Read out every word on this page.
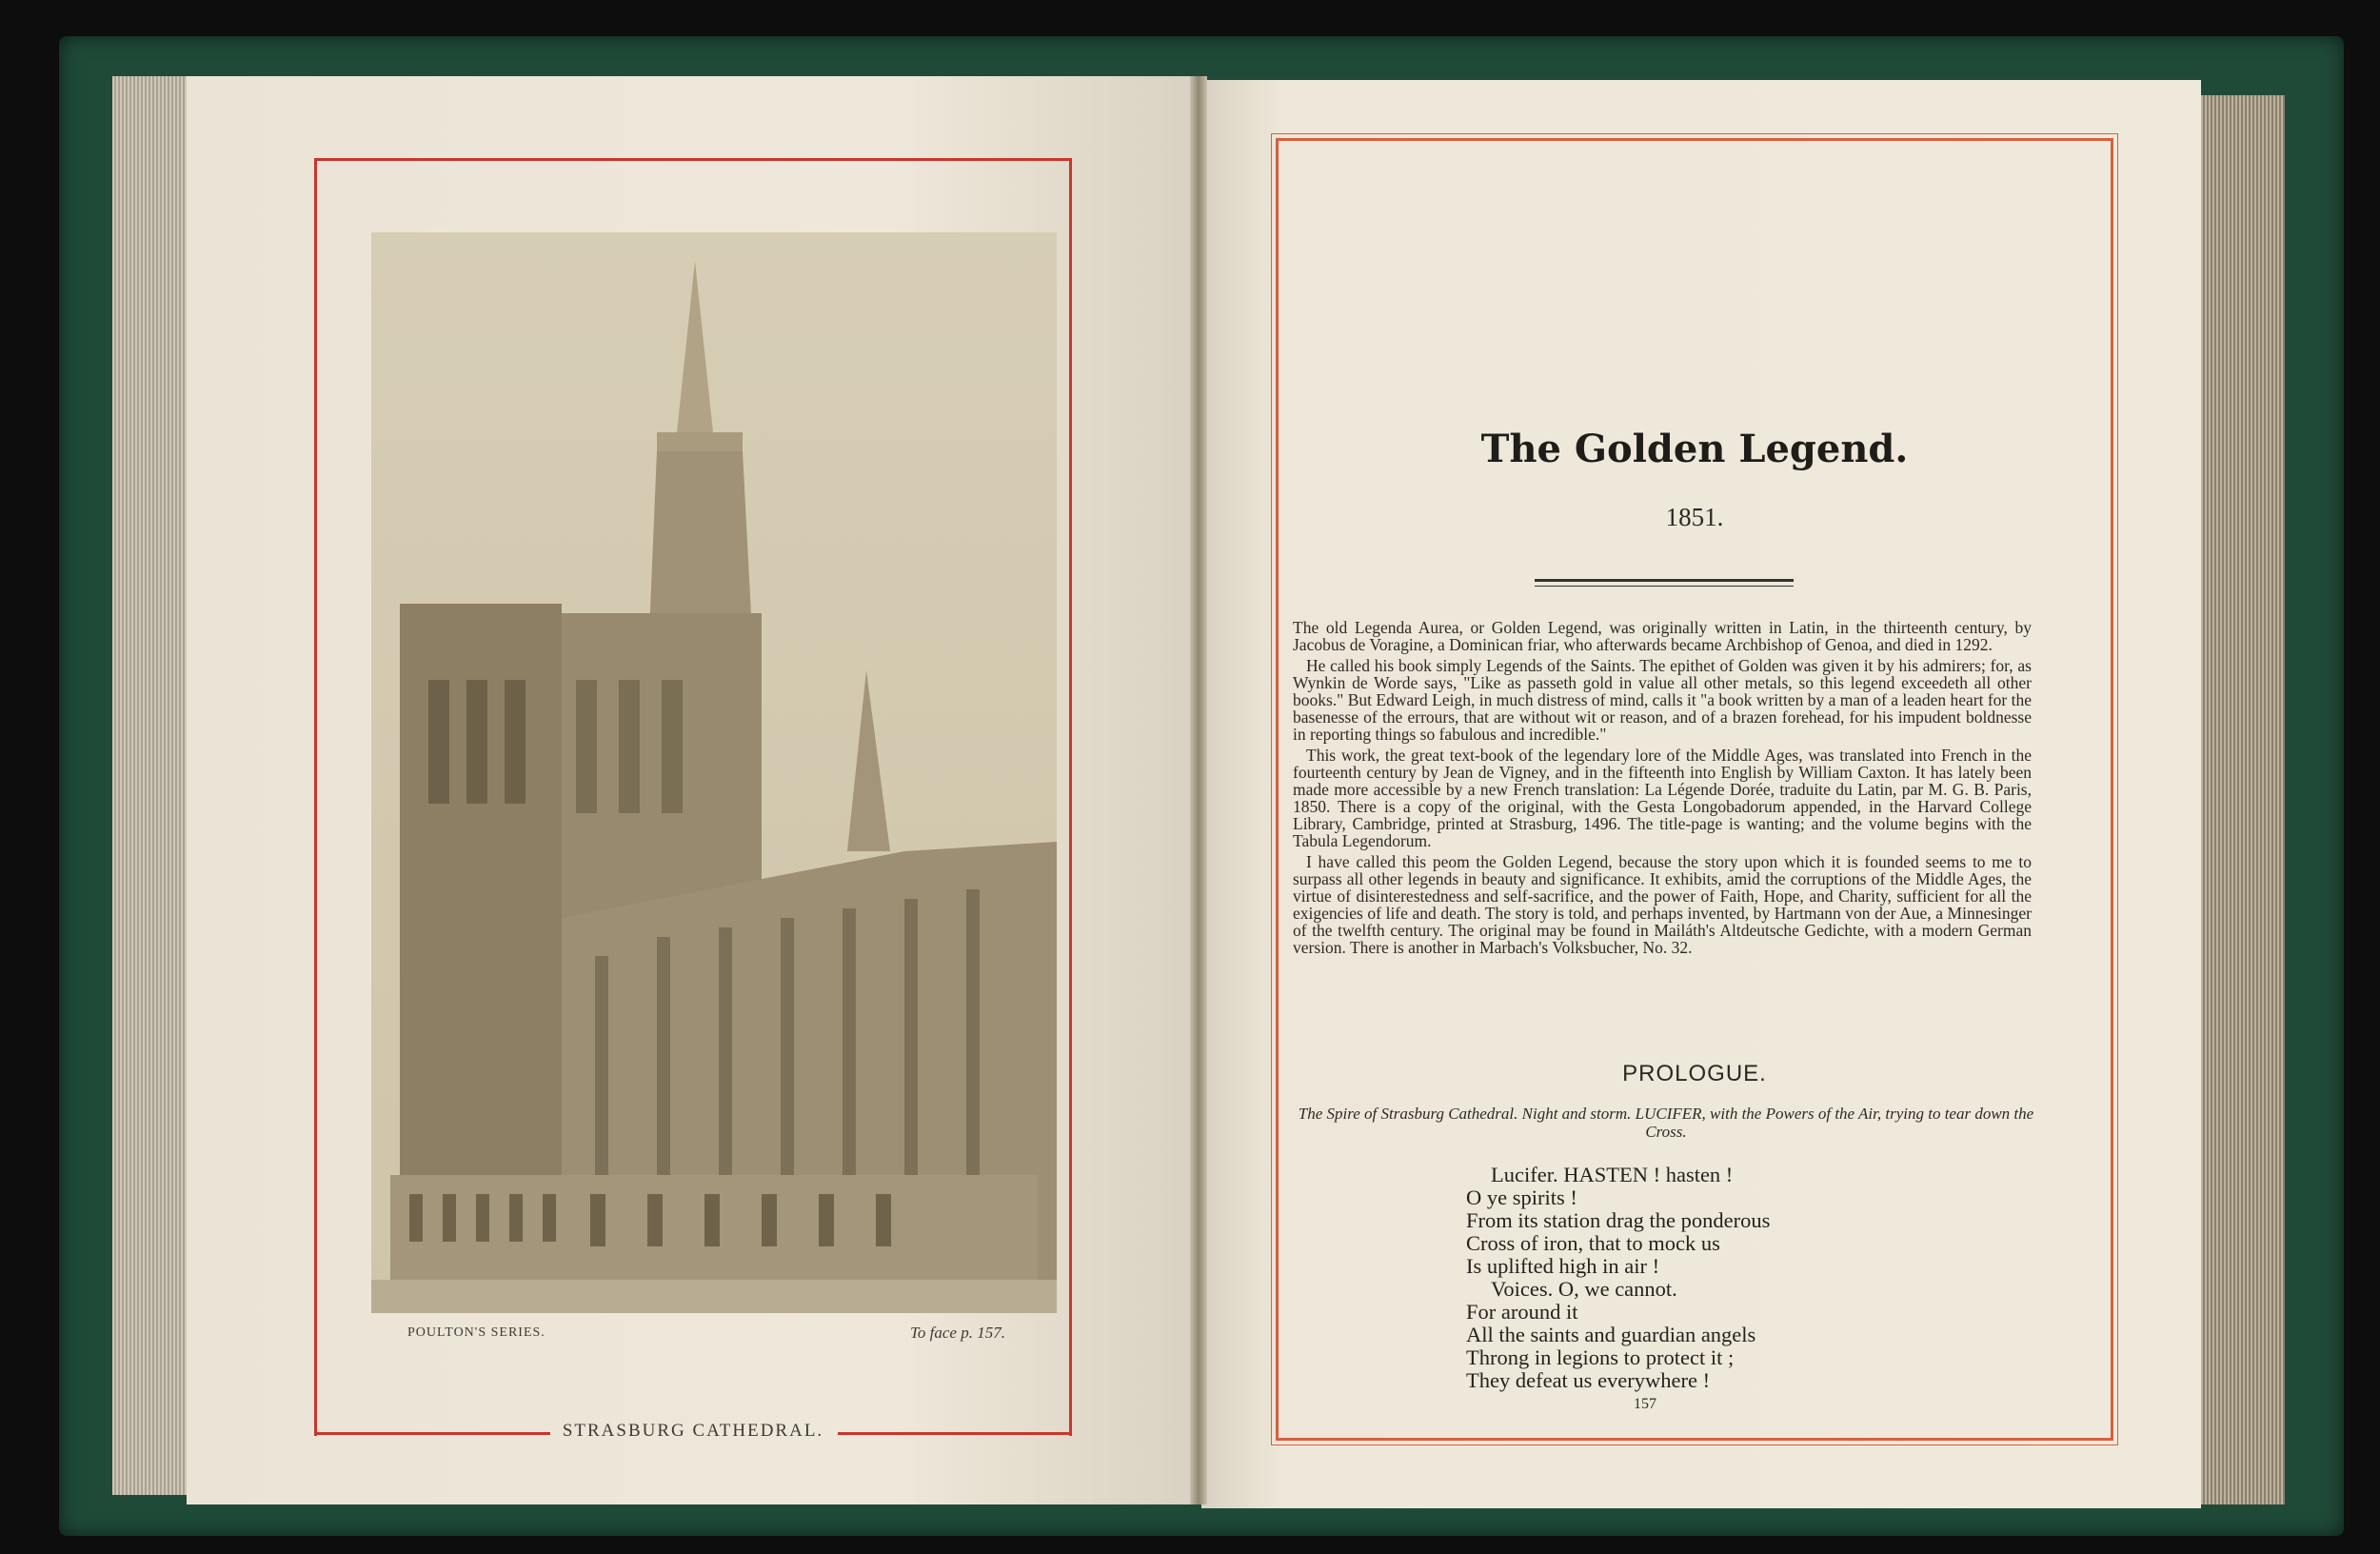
STRASBURG CATHEDRAL.
POULTON'S SERIES.	To face p. 157.
The Golden Legend.
1851.

The old Legenda Aurea, or Golden Legend, was originally written in Latin, in the thirteenth century, by Jacobus de Voragine, a Dominican friar, who afterwards became Archbishop of Genoa, and died in 1292.

He called his book simply Legends of the Saints. The epithet of Golden was given it by his admirers; for, as Wynkin de Worde says, "Like as passeth gold in value all other metals, so this legend exceedeth all other books." But Edward Leigh, in much distress of mind, calls it "a book written by a man of a leaden heart for the basenesse of the errours, that are without wit or reason, and of a brazen forehead, for his impudent boldnesse in reporting things so fabulous and incredible."

This work, the great text-book of the legendary lore of the Middle Ages, was translated into French in the fourteenth century by Jean de Vigney, and in the fifteenth into English by William Caxton. It has lately been made more accessible by a new French translation: La Légende Dorée, traduite du Latin, par M. G. B. Paris, 1850. There is a copy of the original, with the Gesta Longobadorum appended, in the Harvard College Library, Cambridge, printed at Strasburg, 1496. The title-page is wanting; and the volume begins with the Tabula Legendorum.

I have called this peom the Golden Legend, because the story upon which it is founded seems to me to surpass all other legends in beauty and significance. It exhibits, amid the corruptions of the Middle Ages, the virtue of disinterestedness and self-sacrifice, and the power of Faith, Hope, and Charity, sufficient for all the exigencies of life and death. The story is told, and perhaps invented, by Hartmann von der Aue, a Minnesinger of the twelfth century. The original may be found in Mailáth's Altdeutsche Gedichte, with a modern German version. There is another in Marbach's Volksbucher, No. 32.

PROLOGUE.
The Spire of Strasburg Cathedral. Night and storm. LUCIFER, with the Powers of the Air, trying to tear down the Cross.
Lucifer. HASTEN ! hasten !
O ye spirits !
From its station drag the ponderous
Cross of iron, that to mock us
Is uplifted high in air !
Voices. O, we cannot.
For around it
All the saints and guardian angels
Throng in legions to protect it ;
They defeat us everywhere !
157
